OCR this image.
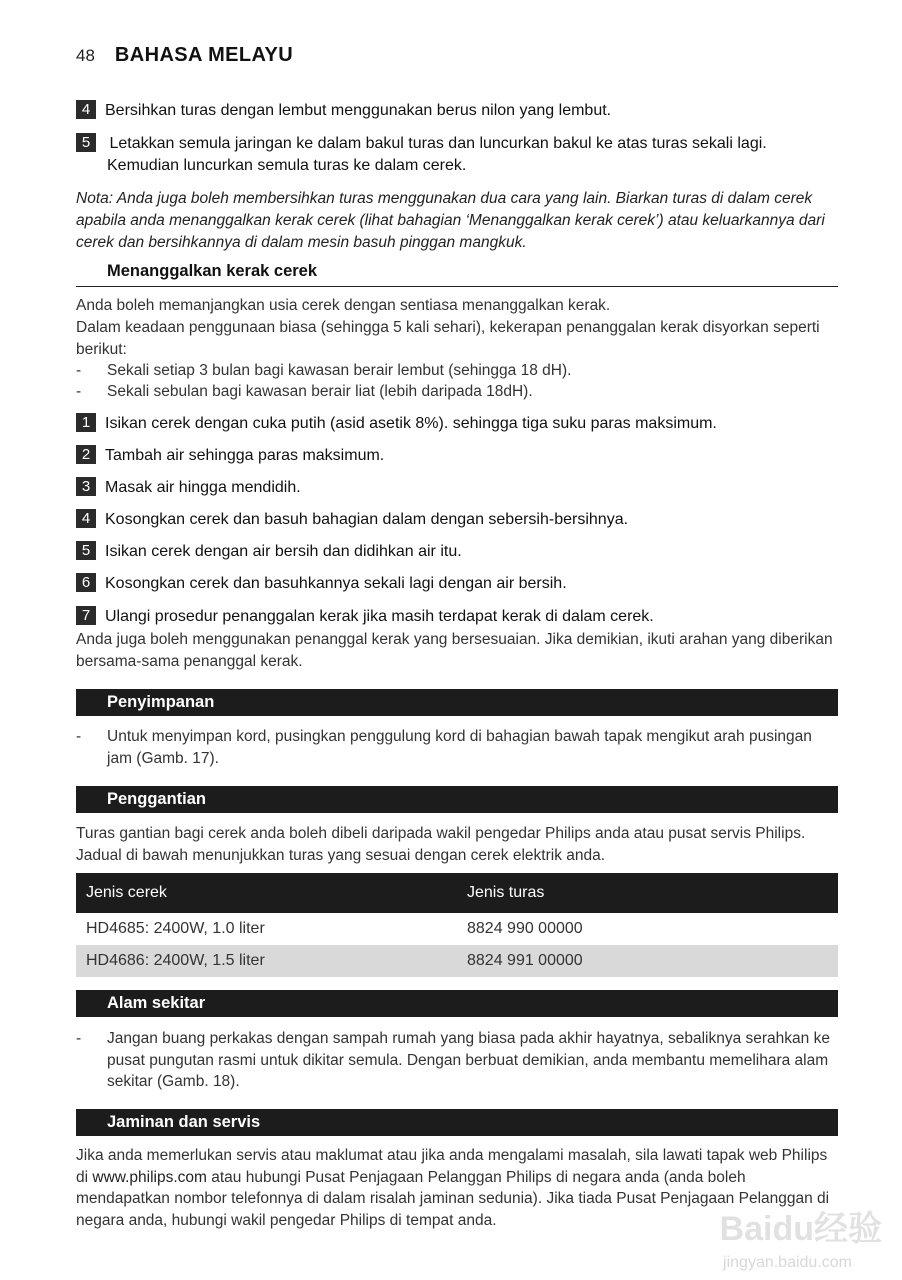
48 BAHASA MELAYU
4 Bersihkan turas dengan lembut menggunakan berus nilon yang lembut.
5 Letakkan semula jaringan ke dalam bakul turas dan luncurkan bakul ke atas turas sekali lagi.
Kemudian luncurkan semula turas ke dalam cerek.
Nota: Anda juga boleh membersihkan turas menggunakan dua cara yang lain. Biarkan turas di dalam cerek apabila anda menanggalkan kerak cerek (lihat bahagian ‘Menanggalkan kerak cerek’) atau keluarkannya dari cerek dan bersihkannya di dalam mesin basuh pinggan mangkuk.
Menanggalkan kerak cerek
Anda boleh memanjangkan usia cerek dengan sentiasa menanggalkan kerak.
Dalam keadaan penggunaan biasa (sehingga 5 kali sehari), kekerapan penanggalan kerak disyorkan seperti berikut:
-	Sekali setiap 3 bulan bagi kawasan berair lembut (sehingga 18 dH).
-	Sekali sebulan bagi kawasan berair liat (lebih daripada 18dH).
1 Isikan cerek dengan cuka putih (asid asetik 8%). sehingga tiga suku paras maksimum.
2 Tambah air sehingga paras maksimum.
3 Masak air hingga mendidih.
4 Kosongkan cerek dan basuh bahagian dalam dengan sebersih-bersihnya.
5 Isikan cerek dengan air bersih dan didihkan air itu.
6 Kosongkan cerek dan basuhkannya sekali lagi dengan air bersih.
7 Ulangi prosedur penanggalan kerak jika masih terdapat kerak di dalam cerek.
Anda juga boleh menggunakan penanggal kerak yang bersesuaian. Jika demikian, ikuti arahan yang diberikan bersama-sama penanggal kerak.
Penyimpanan
-	Untuk menyimpan kord, pusingkan penggulung kord di bahagian bawah tapak mengikut arah pusingan jam (Gamb. 17).
Penggantian
Turas gantian bagi cerek anda boleh dibeli daripada wakil pengedar Philips anda atau pusat servis Philips. Jadual di bawah menunjukkan turas yang sesuai dengan cerek elektrik anda.
Jenis cerek	Jenis turas
HD4685: 2400W, 1.0 liter	8824 990 00000
HD4686: 2400W, 1.5 liter	8824 991 00000
Alam sekitar
-	Jangan buang perkakas dengan sampah rumah yang biasa pada akhir hayatnya, sebaliknya serahkan ke pusat pungutan rasmi untuk dikitar semula. Dengan berbuat demikian, anda membantu memelihara alam sekitar (Gamb. 18).
Jaminan dan servis
Jika anda memerlukan servis atau maklumat atau jika anda mengalami masalah, sila lawati tapak web Philips di www.philips.com atau hubungi Pusat Penjagaan Pelanggan Philips di negara anda (anda boleh mendapatkan nombor telefonnya di dalam risalah jaminan sedunia). Jika tiada Pusat Penjagaan Pelanggan di negara anda, hubungi wakil pengedar Philips di tempat anda.	Baidu经验
jingyan.baidu.com
